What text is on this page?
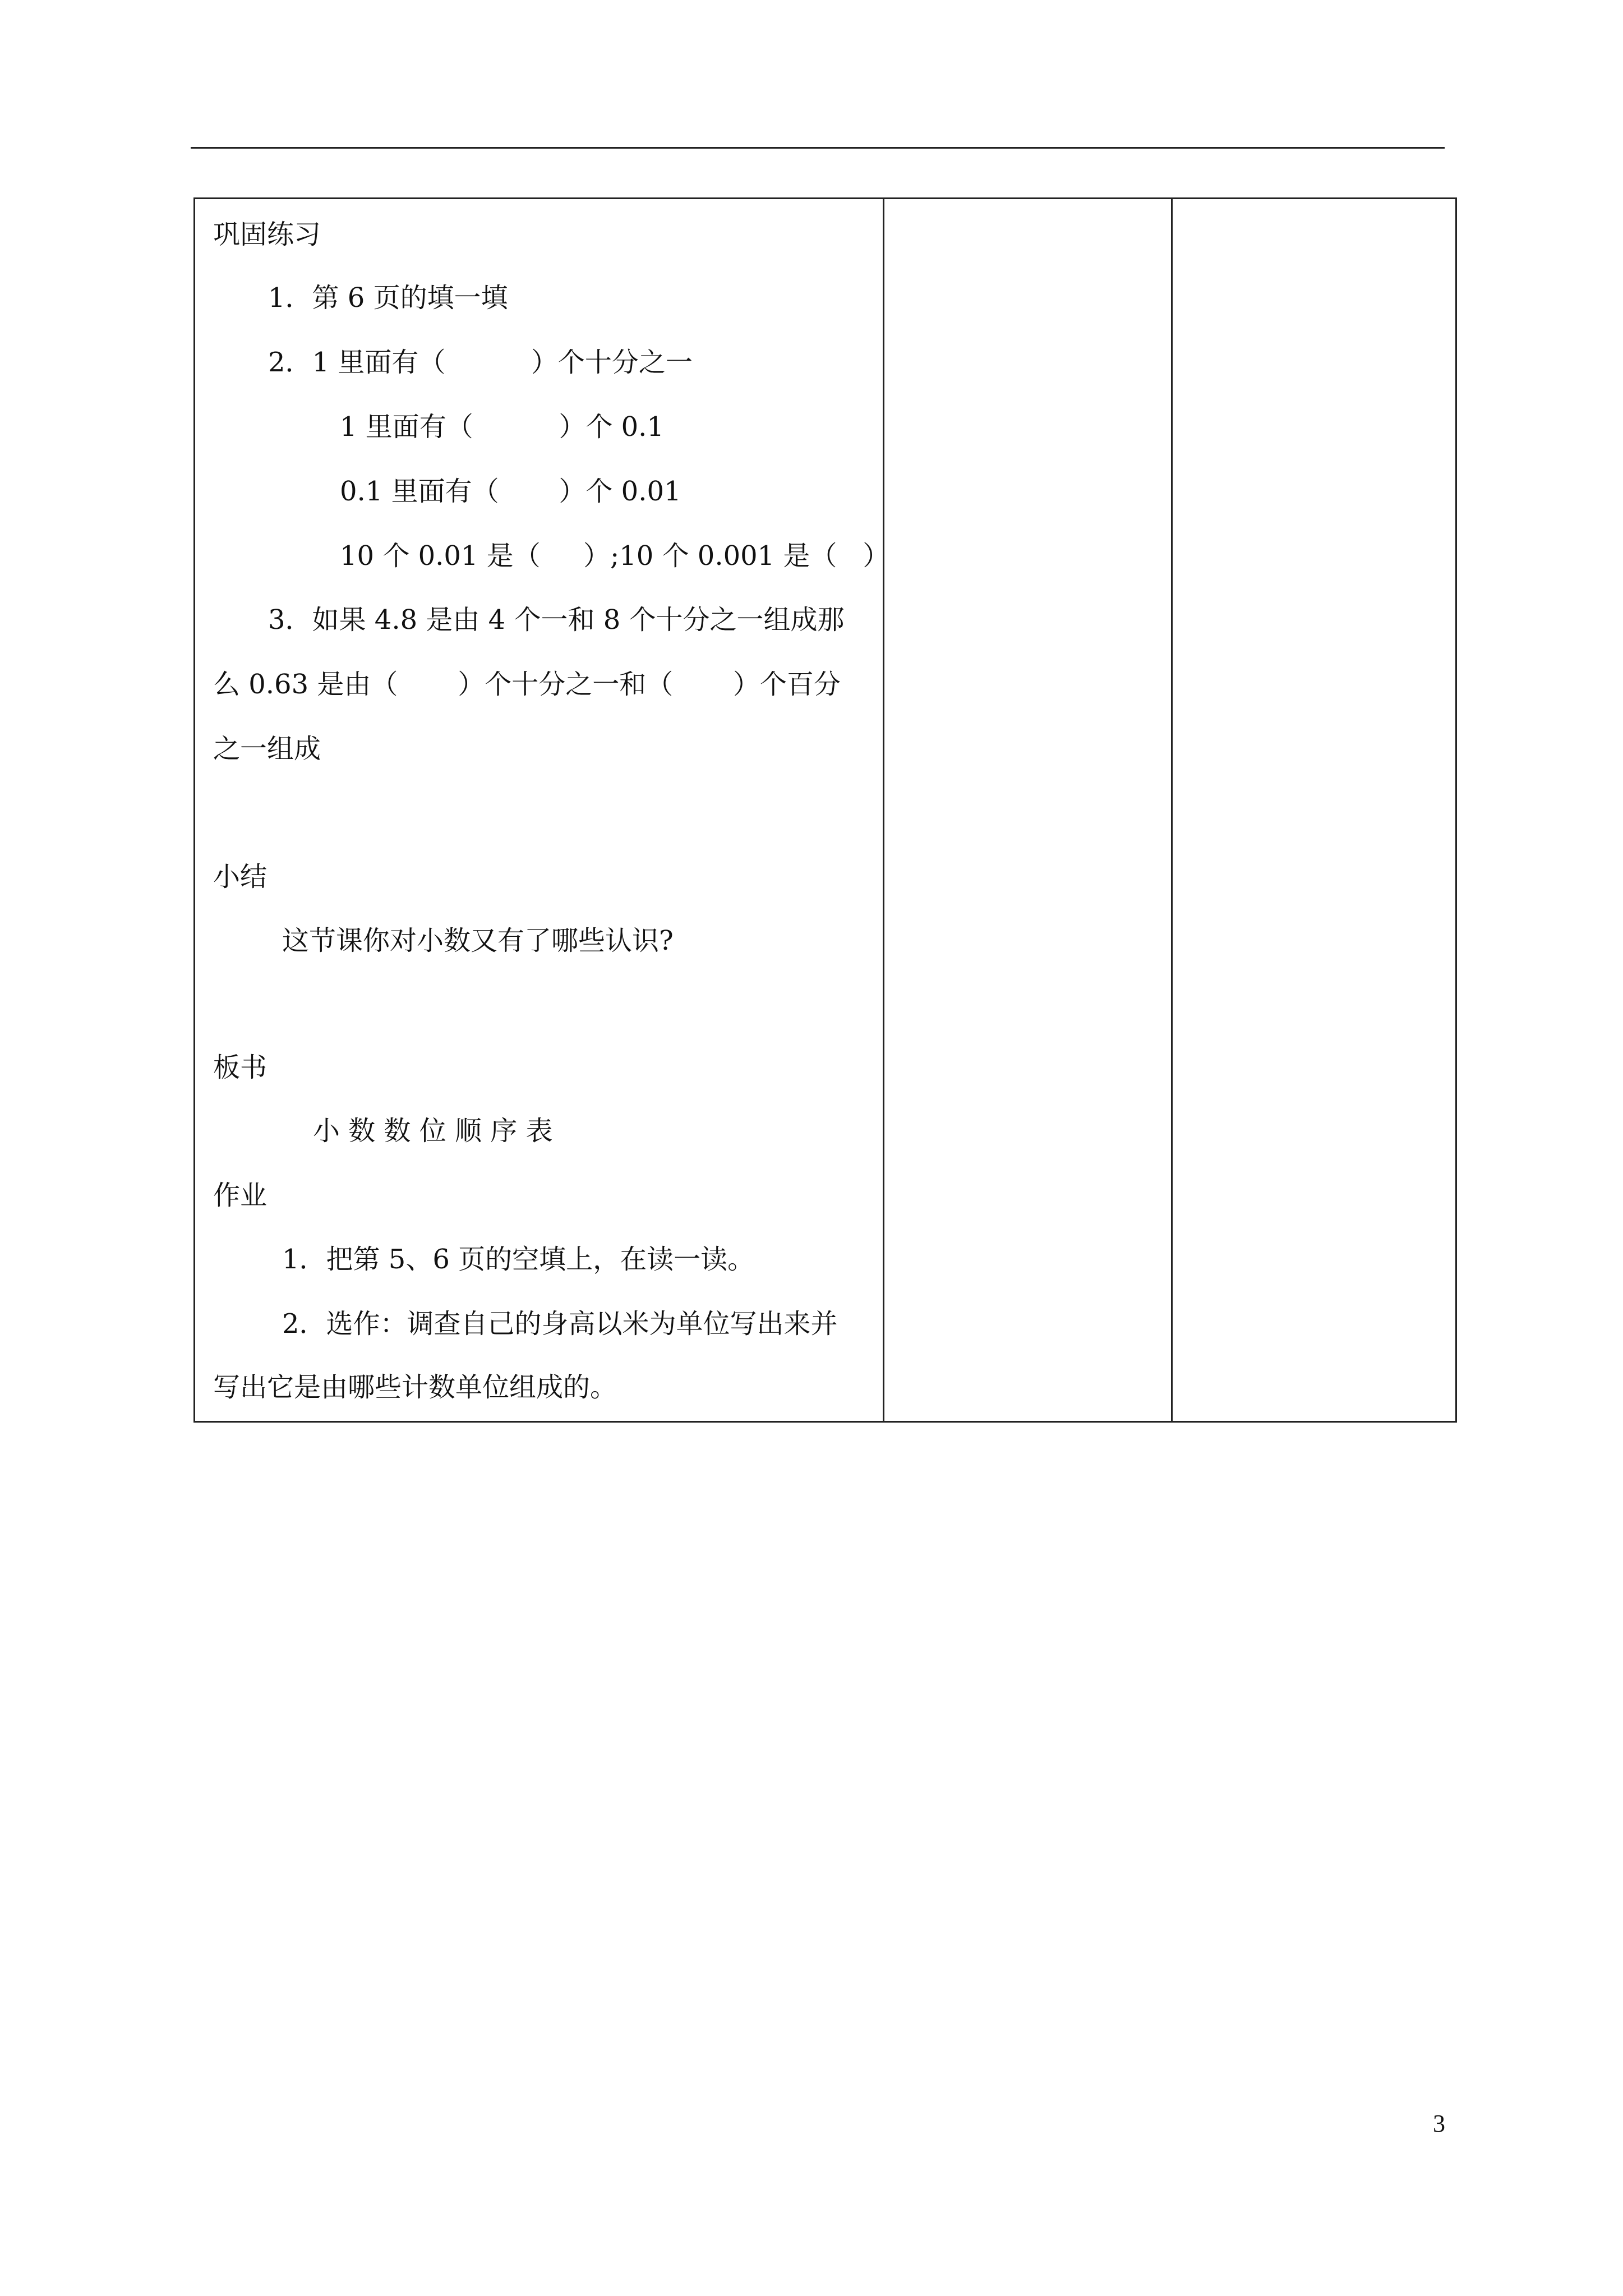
巩固练习
1．第 6 页的填一填
2．1 里面有（          ）个十分之一
1 里面有（          ）个 0.1
0.1 里面有（       ）个 0.01
10 个 0.01 是（     ）;10 个 0.001 是（   ）
3．如果 4.8 是由 4 个一和 8 个十分之一组成那
么 0.63 是由（       ）个十分之一和（       ）个百分
之一组成
小结
这节课你对小数又有了哪些认识?
板书
小 数 数 位 顺 序 表
作业
1．把第 5、6 页的空填上，在读一读。
2．选作：调查自己的身高以米为单位写出来并
写出它是由哪些计数单位组成的。
3
